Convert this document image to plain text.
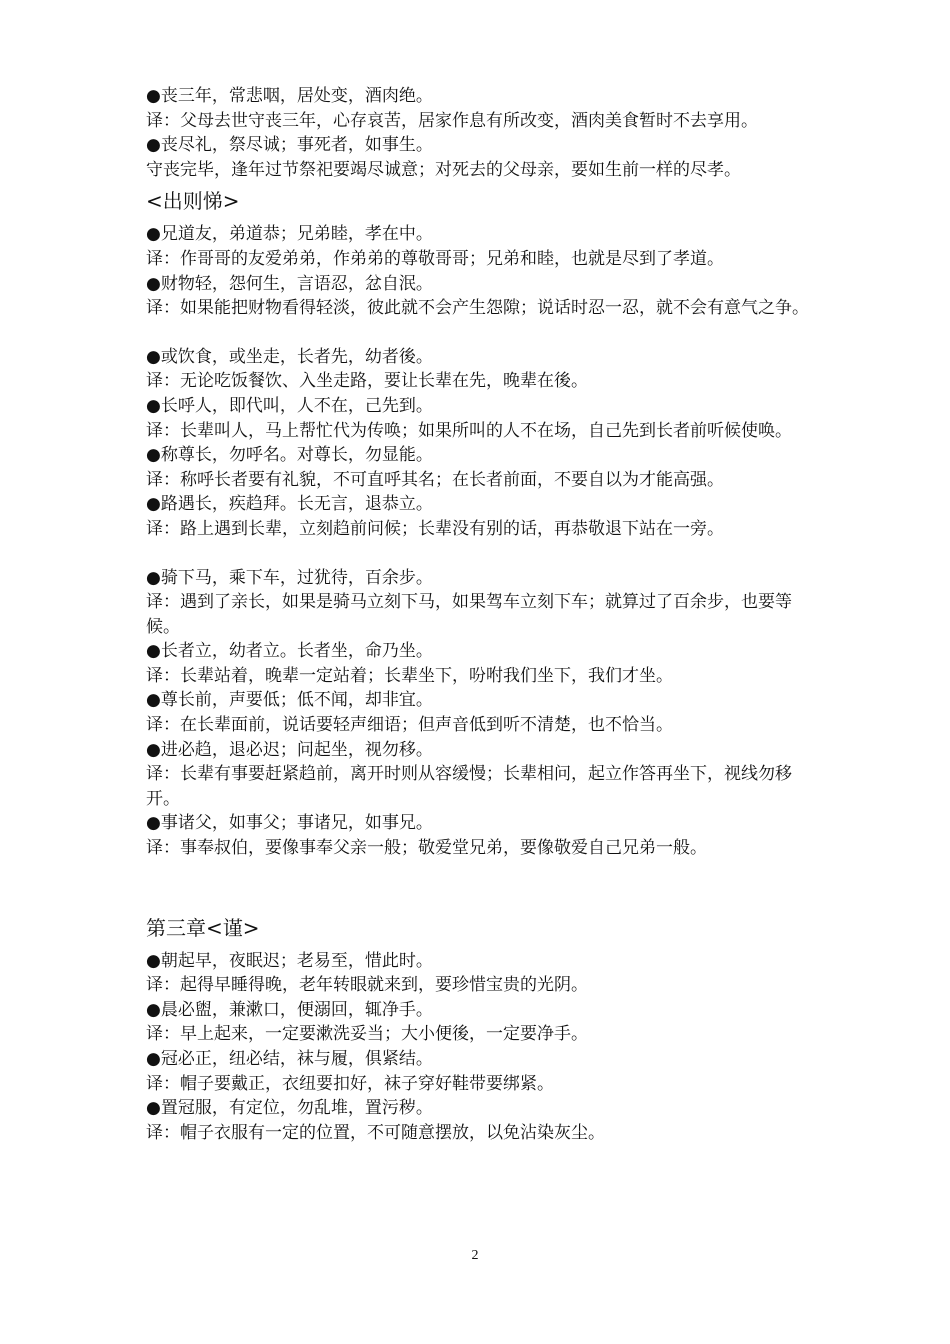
●丧三年，常悲咽，居处变，酒肉绝。
译：父母去世守丧三年，心存哀苦，居家作息有所改变，酒肉美食暂时不去享用。
●丧尽礼，祭尽诚；事死者，如事生。
守丧完毕，逢年过节祭祀要竭尽诚意；对死去的父母亲，要如生前一样的尽孝。
<出则悌>
●兄道友，弟道恭；兄弟睦，孝在中。
译：作哥哥的友爱弟弟，作弟弟的尊敬哥哥；兄弟和睦，也就是尽到了孝道。
●财物轻，怨何生，言语忍，忿自泯。
译：如果能把财物看得轻淡，彼此就不会产生怨隙；说话时忍一忍，就不会有意气之争。
●或饮食，或坐走，长者先，幼者後。
译：无论吃饭餐饮、入坐走路，要让长辈在先，晚辈在後。
●长呼人，即代叫，人不在，己先到。
译：长辈叫人，马上帮忙代为传唤；如果所叫的人不在场，自己先到长者前听候使唤。
●称尊长，勿呼名。对尊长，勿显能。
译：称呼长者要有礼貌，不可直呼其名；在长者前面，不要自以为才能高强。
●路遇长，疾趋拜。长无言，退恭立。
译：路上遇到长辈，立刻趋前问候；长辈没有别的话，再恭敬退下站在一旁。
●骑下马，乘下车，过犹待，百余步。
译：遇到了亲长，如果是骑马立刻下马，如果驾车立刻下车；就算过了百余步，也要等候。
●长者立，幼者立。长者坐，命乃坐。
译：长辈站着，晚辈一定站着；长辈坐下，吩咐我们坐下，我们才坐。
●尊长前，声要低；低不闻，却非宜。
译：在长辈面前，说话要轻声细语；但声音低到听不清楚，也不恰当。
●进必趋，退必迟；问起坐，视勿移。
译：长辈有事要赶紧趋前，离开时则从容缓慢；长辈相问，起立作答再坐下，视线勿移开。
●事诸父，如事父；事诸兄，如事兄。
译：事奉叔伯，要像事奉父亲一般；敬爱堂兄弟，要像敬爱自己兄弟一般。
第三章<谨>
●朝起早，夜眠迟；老易至，惜此时。
译：起得早睡得晚，老年转眼就来到，要珍惜宝贵的光阴。
●晨必盥，兼漱口，便溺回，辄净手。
译：早上起来，一定要漱洗妥当；大小便後，一定要净手。
●冠必正，纽必结，袜与履，俱紧结。
译：帽子要戴正，衣纽要扣好，袜子穿好鞋带要绑紧。
●置冠服，有定位，勿乱堆，置污秽。
译：帽子衣服有一定的位置，不可随意摆放，以免沾染灰尘。
2
